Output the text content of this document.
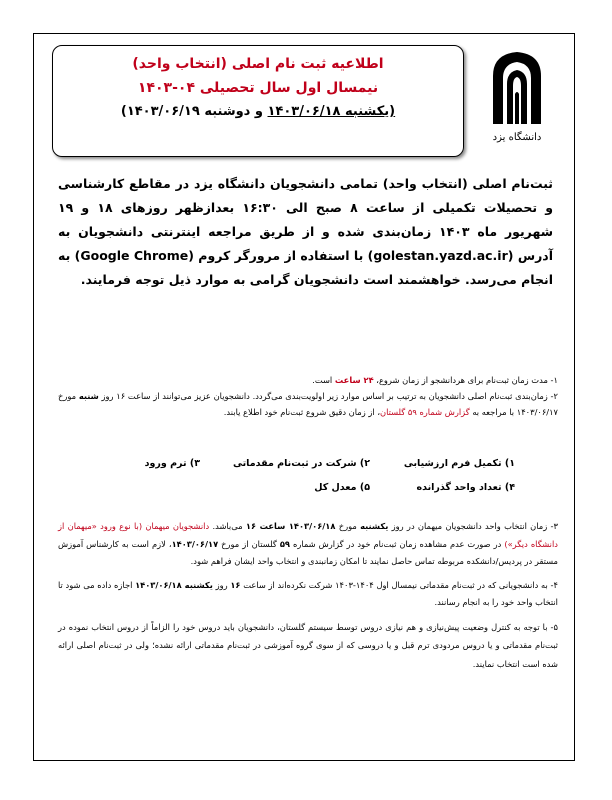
اطلاعیه ثبت نام اصلی (انتخاب واحد)
نیمسال اول سال تحصیلی ۰۴-۱۴۰۳
(یکشنبه ۱۴۰۳/۰۶/۱۸ و دوشنبه ۱۴۰۳/۰۶/۱۹)
دانشگاه یزد

ثبت‌نام اصلی (انتخاب واحد) تمامی دانشجویان دانشگاه یزد در مقاطع کارشناسی و تحصیلات تکمیلی از ساعت ۸ صبح الی ۱۶:۳۰ بعدازظهر روزهای ۱۸ و ۱۹ شهریور ماه ۱۴۰۳ زمان‌بندی شده و از طریق مراجعه اینترنتی دانشجویان به آدرس (golestan.yazd.ac.ir) با استفاده از مرورگر کروم (Google Chrome) به انجام می‌رسد. خواهشمند است دانشجویان گرامی به موارد ذیل توجه فرمایند.

۱- مدت زمان ثبت‌نام برای هردانشجو از زمان شروع، ۲۴ ساعت است.

۲- زمان‌بندی ثبت‌نام اصلی دانشجویان به ترتیب بر اساس موارد زیر اولویت‌بندی می‌گردد. دانشجویان عزیز می‌توانند از ساعت ۱۶ روز شنبه مورخ ۱۴۰۳/۰۶/۱۷ با مراجعه به گزارش شماره ۵۹ گلستان، از زمان دقیق شروع ثبت‌نام خود اطلاع یابند.

۱) تکمیل فرم ارزشیابی
۲) شرکت در ثبت‌نام مقدماتی
۳) ترم ورود
۴) تعداد واحد گذرانده
۵) معدل کل

۳- زمان انتخاب واحد دانشجویان میهمان در روز یکشنبه مورخ ۱۴۰۳/۰۶/۱۸ ساعت ۱۶ می‌باشد. دانشجویان میهمان (با نوع ورود «میهمان از دانشگاه دیگر») در صورت عدم مشاهده زمان ثبت‌نام خود در گزارش شماره ۵۹ گلستان از مورخ ۱۴۰۳/۰۶/۱۷، لازم است به کارشناس آموزش مستقر در پردیس/دانشکده مربوطه تماس حاصل نمایند تا امکان زمانبندی و انتخاب واحد ایشان فراهم شود.

۴- به دانشجویانی که در ثبت‌نام مقدماتی نیمسال اول ۱۴۰۴-۱۴۰۳ شرکت نکرده‌اند از ساعت ۱۶ روز یکشنبه ۱۴۰۳/۰۶/۱۸ اجازه داده می شود تا انتخاب واحد خود را به انجام رسانند.

۵- با توجه به کنترل وضعیت پیش‌نیازی و هم نیازی دروس توسط سیستم گلستان، دانشجویان باید دروس خود را الزاماً از دروس انتخاب نموده در ثبت‌نام مقدماتی و یا دروس مردودی ترم قبل و یا دروسی که از سوی گروه آموزشی در ثبت‌نام مقدماتی ارائه نشده؛ ولی در ثبت‌نام اصلی ارائه شده است انتخاب نمایند.
